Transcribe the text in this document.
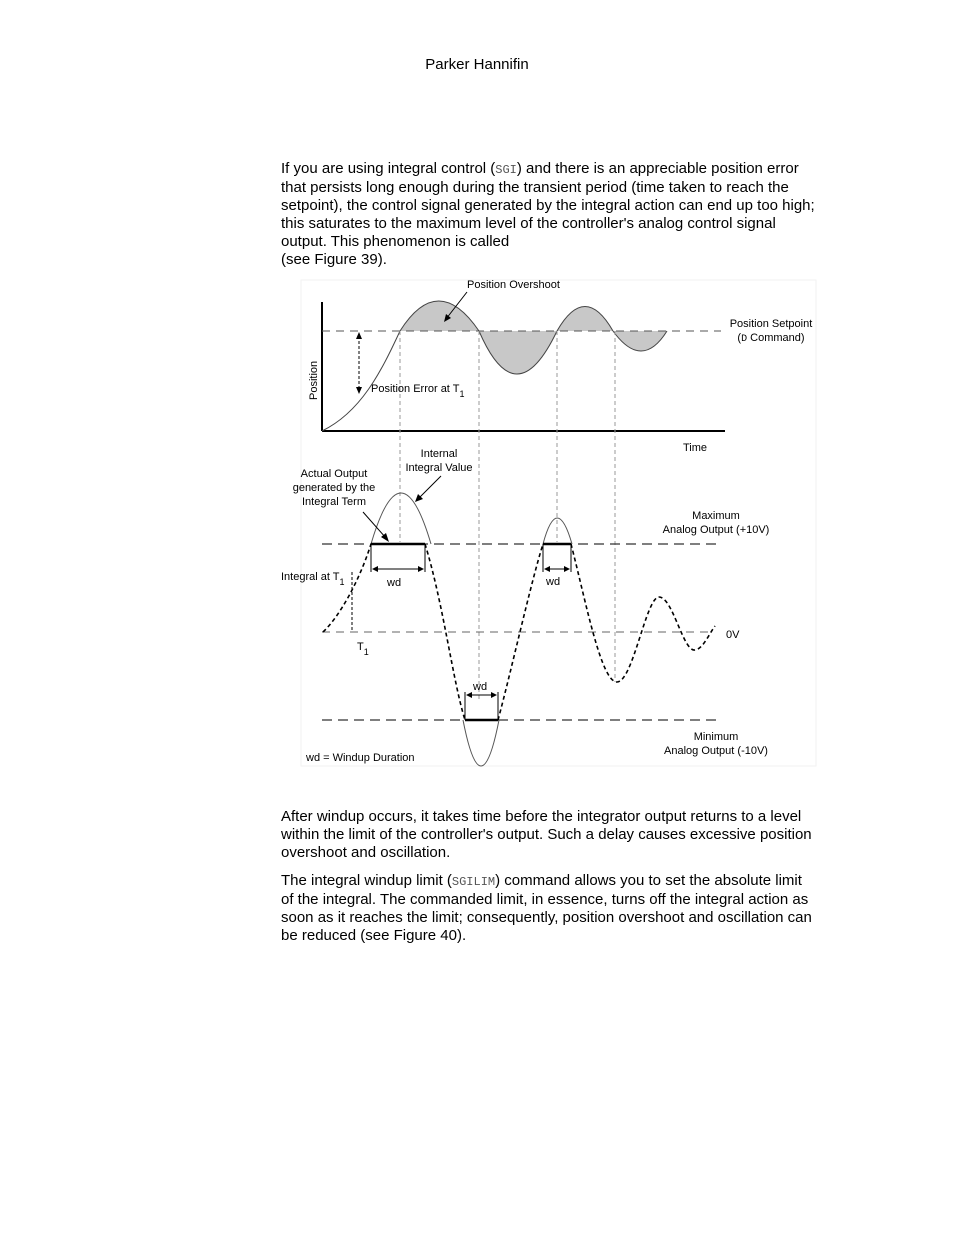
Parker Hannifin

If you are using integral control (SGI) and there is an appreciable position error that persists long enough during the transient period (time taken to reach the setpoint), the control signal generated by the integral action can end up too high; this saturates to the maximum level of the controller's analog control signal output. This phenomenon is called
(see Figure 39).

Position Overshoot
Position Setpoint
(D Command)
Position	Position Error at $T_1$
Time
Internal
Integral Value
Actual Output
generated by the
Integral Term
Maximum
Analog Output (+10V)
Integral at $T_1$	wd	wd
wd
0V
$T_1$
Minimum
Analog Output (-10V)
wd = Windup Duration

After windup occurs, it takes time before the integrator output returns to a level within the limit of the controller's output. Such a delay causes excessive position overshoot and oscillation.

The integral windup limit (SGILIM) command allows you to set the absolute limit of the integral. The commanded limit, in essence, turns off the integral action as soon as it reaches the limit; consequently, position overshoot and oscillation can be reduced (see Figure 40).
